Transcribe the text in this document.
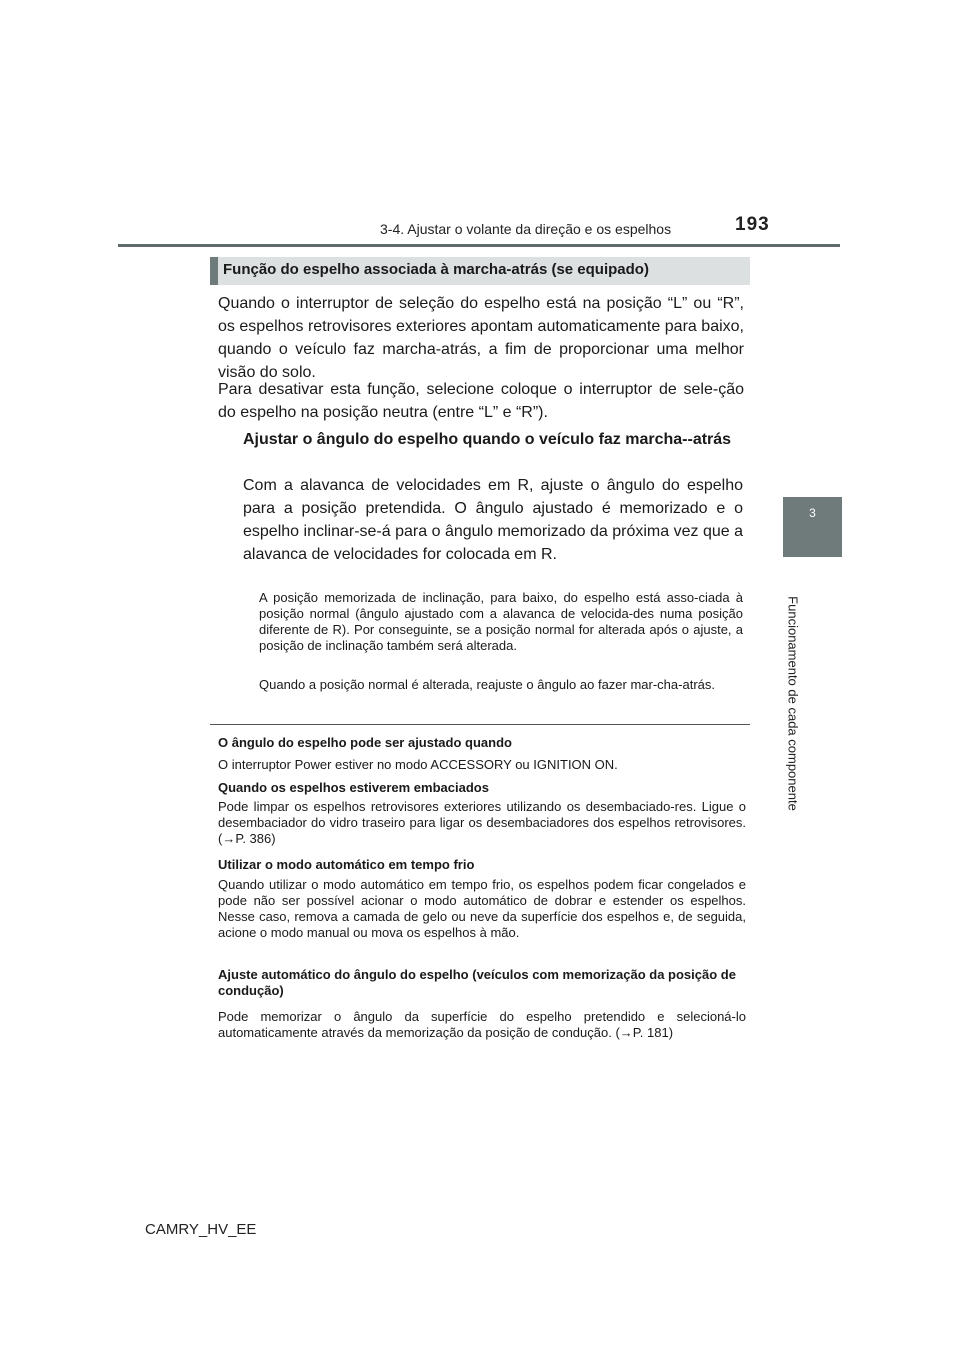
3-4. Ajustar o volante da direção e os espelhos	193
3
Funcionamento de cada componente
Função do espelho associada à marcha-atrás (se equipado)
Quando o interruptor de seleção do espelho está na posição “L” ou “R”, os espelhos retrovisores exteriores apontam automaticamente para baixo, quando o veículo faz marcha-atrás, a fim de proporcionar uma melhor visão do solo.
Para desativar esta função, selecione coloque o interruptor de sele-ção do espelho na posição neutra (entre “L” e “R”).
Ajustar o ângulo do espelho quando o veículo faz marcha--atrás
Com a alavanca de velocidades em R, ajuste o ângulo do espelho para a posição pretendida. O ângulo ajustado é memorizado e o espelho inclinar-se-á para o ângulo memorizado da próxima vez que a alavanca de velocidades for colocada em R.
A posição memorizada de inclinação, para baixo, do espelho está asso-ciada à posição normal (ângulo ajustado com a alavanca de velocida-des numa posição diferente de R). Por conseguinte, se a posição normal for alterada após o ajuste, a posição de inclinação também será alterada.
Quando a posição normal é alterada, reajuste o ângulo ao fazer mar-cha-atrás.
O ângulo do espelho pode ser ajustado quando
O interruptor Power estiver no modo ACCESSORY ou IGNITION ON.
Quando os espelhos estiverem embaciados
Pode limpar os espelhos retrovisores exteriores utilizando os desembaciado-res. Ligue o desembaciador do vidro traseiro para ligar os desembaciadores dos espelhos retrovisores. (→P. 386)
Utilizar o modo automático em tempo frio
Quando utilizar o modo automático em tempo frio, os espelhos podem ficar congelados e pode não ser possível acionar o modo automático de dobrar e estender os espelhos. Nesse caso, remova a camada de gelo ou neve da superfície dos espelhos e, de seguida, acione o modo manual ou mova os espelhos à mão.
Ajuste automático do ângulo do espelho (veículos com memorização da posição de condução)
Pode memorizar o ângulo da superfície do espelho pretendido e selecioná-lo automaticamente através da memorização da posição de condução. (→P. 181)
CAMRY_HV_EE
